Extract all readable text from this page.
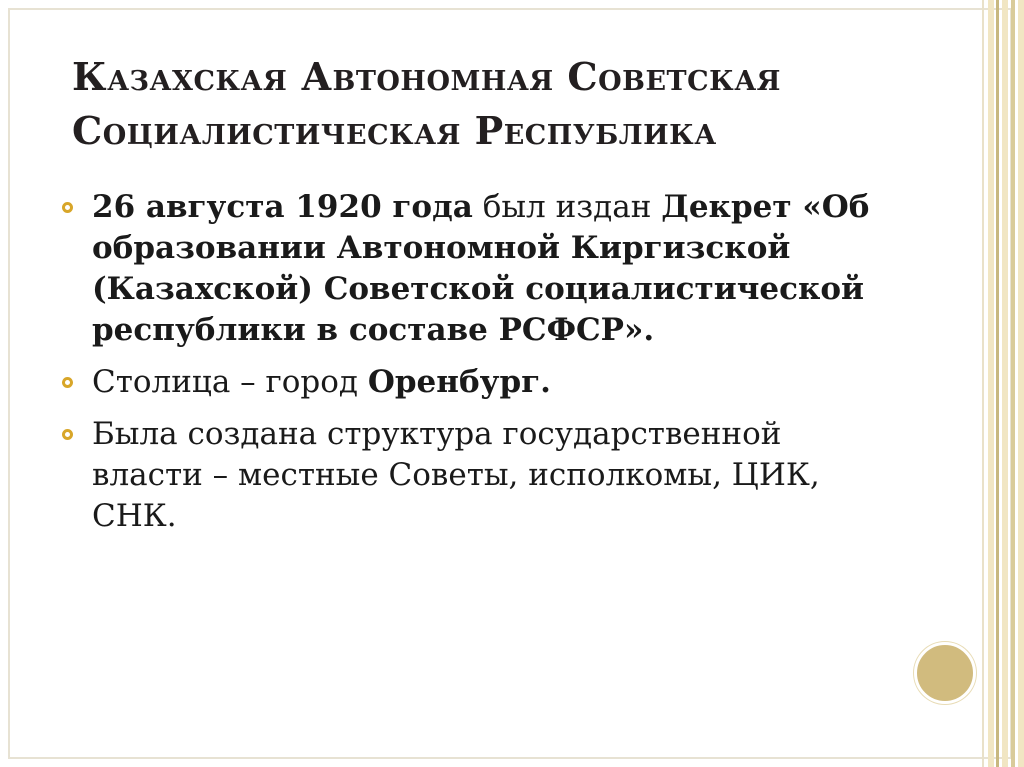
Казахская Автономная Советская
Социалистическая Республика
26 августа 1920 года был издан Декрет «Об образовании Автономной Киргизской (Казахской) Советской социалистической республики в составе РСФСР».
Столица – город Оренбург.
Была создана структура государственной власти – местные Советы, исполкомы, ЦИК, СНК.
